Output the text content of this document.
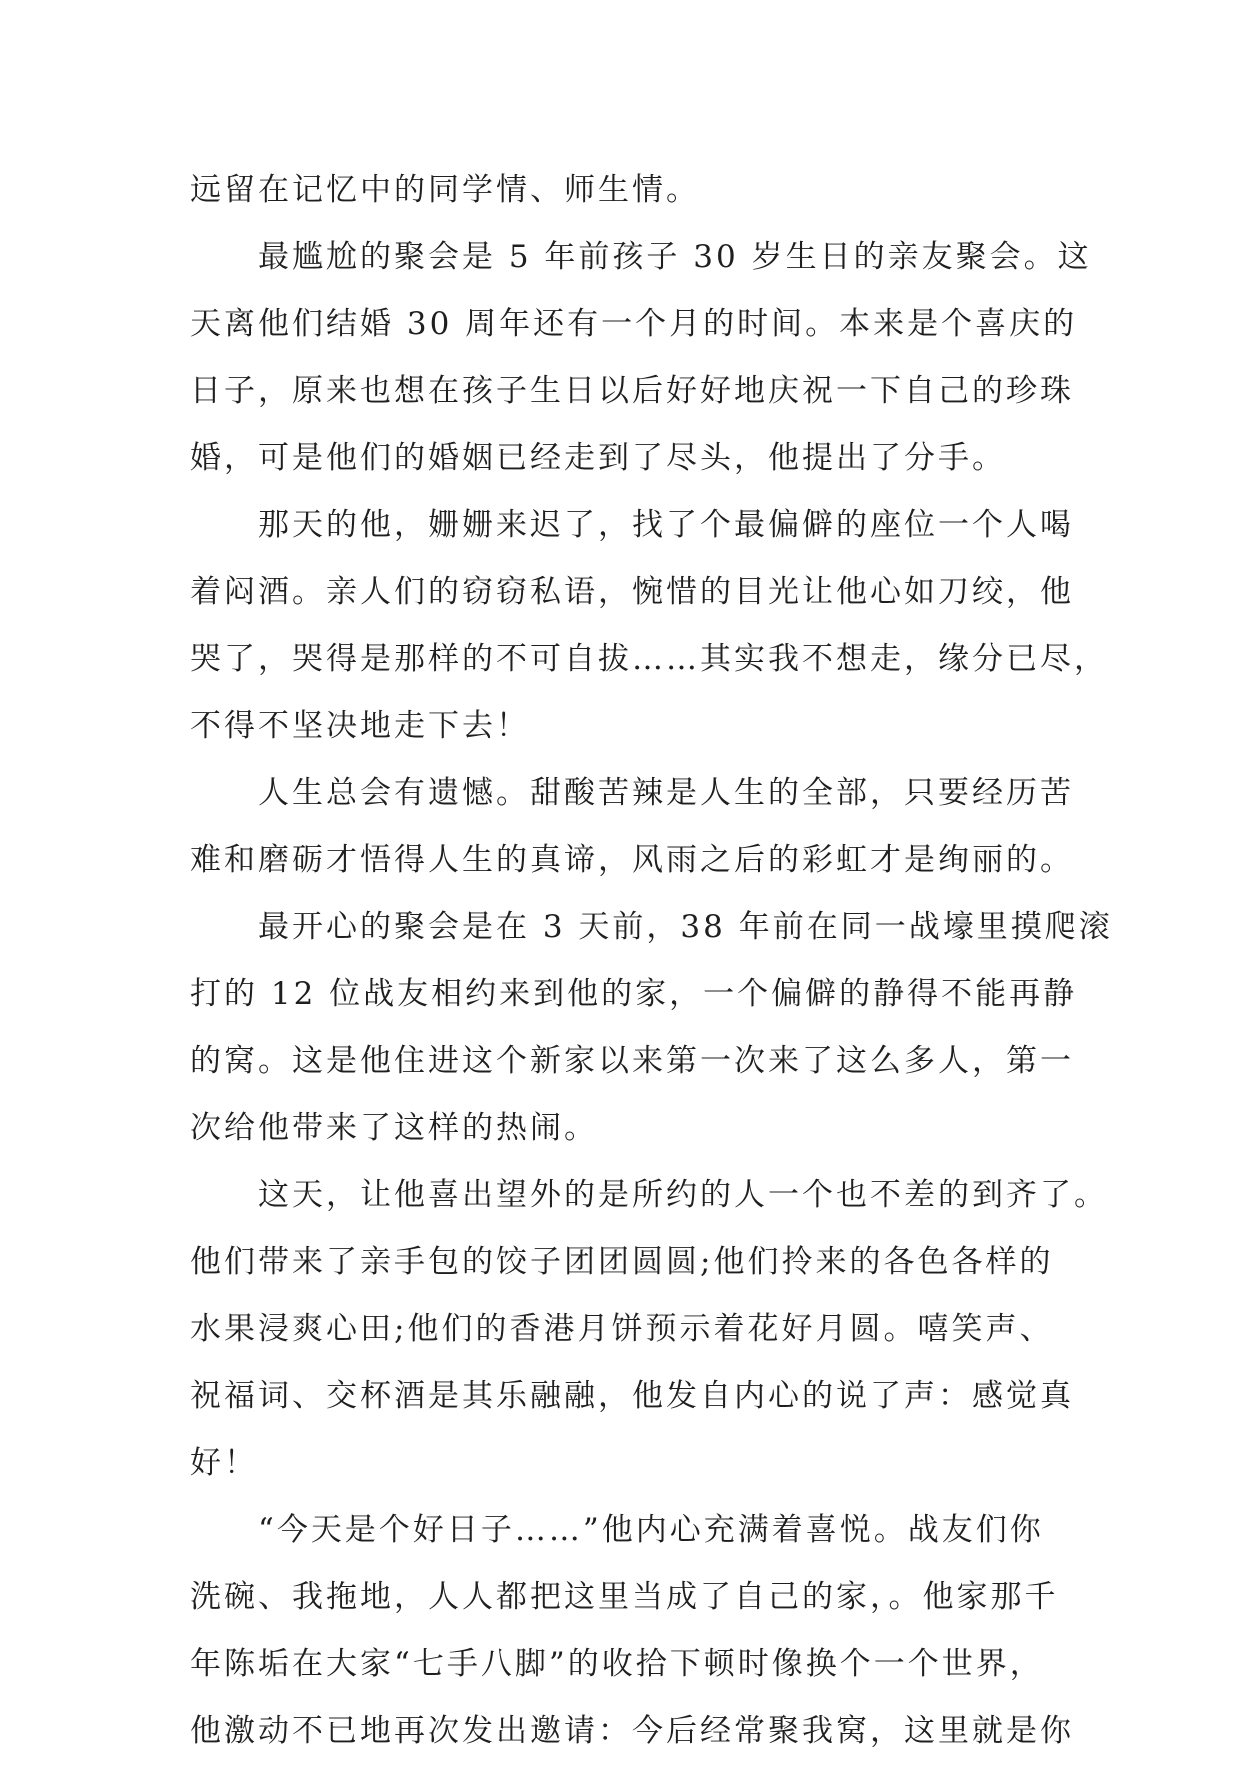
远留在记忆中的同学情、师生情。
最尴尬的聚会是 5 年前孩子 30 岁生日的亲友聚会。这
天离他们结婚 30 周年还有一个月的时间。本来是个喜庆的
日子，原来也想在孩子生日以后好好地庆祝一下自己的珍珠
婚，可是他们的婚姻已经走到了尽头，他提出了分手。
那天的他，姗姗来迟了，找了个最偏僻的座位一个人喝
着闷酒。亲人们的窃窃私语，惋惜的目光让他心如刀绞，他
哭了，哭得是那样的不可自拔……其实我不想走，缘分已尽，
不得不坚决地走下去！
人生总会有遗憾。甜酸苦辣是人生的全部，只要经历苦
难和磨砺才悟得人生的真谛，风雨之后的彩虹才是绚丽的。
最开心的聚会是在 3 天前，38 年前在同一战壕里摸爬滚
打的 12 位战友相约来到他的家，一个偏僻的静得不能再静
的窝。这是他住进这个新家以来第一次来了这么多人，第一
次给他带来了这样的热闹。
这天，让他喜出望外的是所约的人一个也不差的到齐了。
他们带来了亲手包的饺子团团圆圆;他们拎来的各色各样的
水果浸爽心田;他们的香港月饼预示着花好月圆。嘻笑声、
祝福词、交杯酒是其乐融融，他发自内心的说了声：感觉真
好！
“今天是个好日子……”他内心充满着喜悦。战友们你
洗碗、我拖地，人人都把这里当成了自己的家，。他家那千
年陈垢在大家“七手八脚”的收拾下顿时像换个一个世界，
他激动不已地再次发出邀请：今后经常聚我窝，这里就是你
